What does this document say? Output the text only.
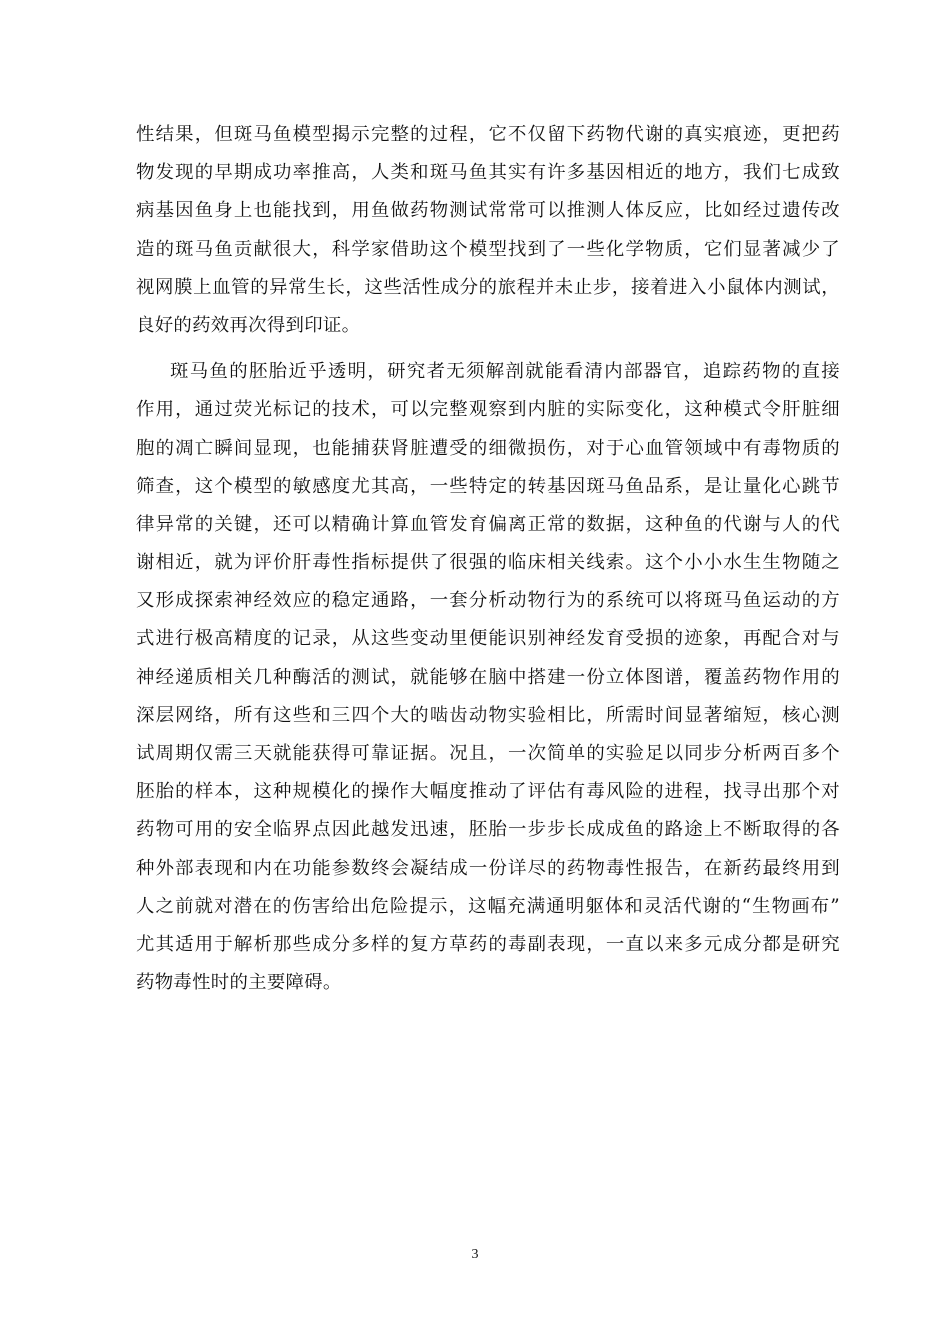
性结果，但斑马鱼模型揭示完整的过程，它不仅留下药物代谢的真实痕迹，更把药
物发现的早期成功率推高，人类和斑马鱼其实有许多基因相近的地方，我们七成致
病基因鱼身上也能找到，用鱼做药物测试常常可以推测人体反应，比如经过遗传改
造的斑马鱼贡献很大，科学家借助这个模型找到了一些化学物质，它们显著减少了
视网膜上血管的异常生长，这些活性成分的旅程并未止步，接着进入小鼠体内测试，
良好的药效再次得到印证。
斑马鱼的胚胎近乎透明，研究者无须解剖就能看清内部器官，追踪药物的直接
作用，通过荧光标记的技术，可以完整观察到内脏的实际变化，这种模式令肝脏细
胞的凋亡瞬间显现，也能捕获肾脏遭受的细微损伤，对于心血管领域中有毒物质的
筛查，这个模型的敏感度尤其高，一些特定的转基因斑马鱼品系，是让量化心跳节
律异常的关键，还可以精确计算血管发育偏离正常的数据，这种鱼的代谢与人的代
谢相近，就为评价肝毒性指标提供了很强的临床相关线索。这个小小水生生物随之
又形成探索神经效应的稳定通路，一套分析动物行为的系统可以将斑马鱼运动的方
式进行极高精度的记录，从这些变动里便能识别神经发育受损的迹象，再配合对与
神经递质相关几种酶活的测试，就能够在脑中搭建一份立体图谱，覆盖药物作用的
深层网络，所有这些和三四个大的啮齿动物实验相比，所需时间显著缩短，核心测
试周期仅需三天就能获得可靠证据。况且，一次简单的实验足以同步分析两百多个
胚胎的样本，这种规模化的操作大幅度推动了评估有毒风险的进程，找寻出那个对
药物可用的安全临界点因此越发迅速，胚胎一步步长成成鱼的路途上不断取得的各
种外部表现和内在功能参数终会凝结成一份详尽的药物毒性报告，在新药最终用到
人之前就对潜在的伤害给出危险提示，这幅充满通明躯体和灵活代谢的“生物画布”
尤其适用于解析那些成分多样的复方草药的毒副表现，一直以来多元成分都是研究
药物毒性时的主要障碍。
3
